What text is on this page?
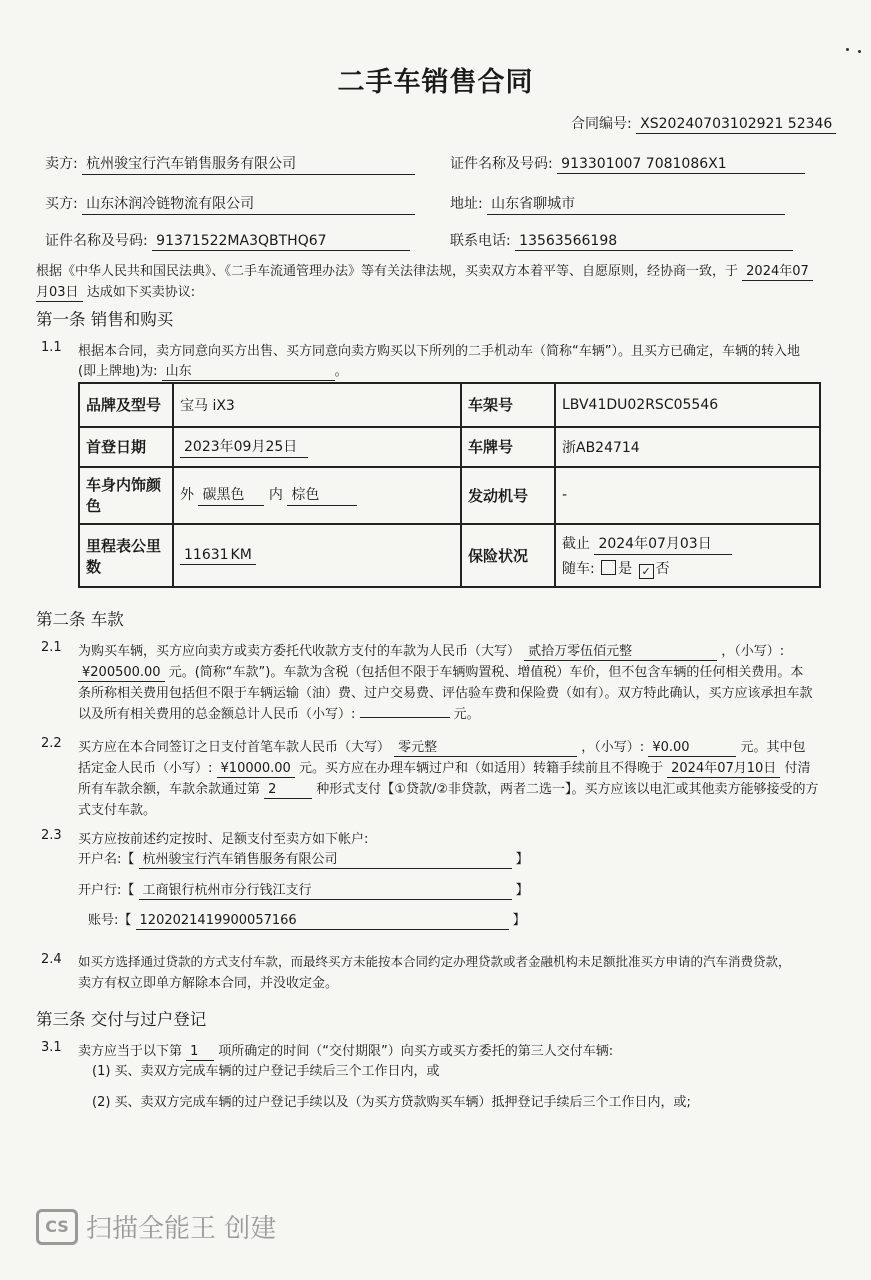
二手车销售合同
合同编号: XS20240703102921 52346
卖方: 杭州骏宝行汽车销售服务有限公司	证件名称及号码: 913301007 7081086X1
买方: 山东沐润冷链物流有限公司	地址: 山东省聊城市
证件名称及号码: 91371522MA3QBTHQ67	联系电话: 13563566198
根据《中华人民共和国民法典》、《二手车流通管理办法》等有关法律法规，买卖双方本着平等、自愿原则，经协商一致，于 2024年07
月03日 达成如下买卖协议:
第一条 销售和购买
1.1 根据本合同，卖方同意向买方出售、买方同意向卖方购买以下所列的二手机动车（简称“车辆”）。且买方已确定，车辆的转入地
(即上牌地)为: 山东	。
品牌及型号	宝马 iX3	车架号	LBV41DU02RSC05546
首登日期	2023年09月25日	车牌号	浙AB24714
车身内饰颜色	外 碳黑色 内 棕色	发动机号	-
里程表公里数	11631 KM	保险状况	截止 2024年07月03日
随车: 是 ✓ 否
第二条 车款
2.1 为购买车辆，买方应向卖方或卖方委托代收款方支付的车款为人民币（大写） 贰拾万零伍佰元整	，（小写）:
¥200500.00 元。(简称“车款”)。车款为含税（包括但不限于车辆购置税、增值税）车价，但不包含车辆的任何相关费用。本
条所称相关费用包括但不限于车辆运输（油）费、过户交易费、评估验车费和保险费（如有）。双方特此确认，买方应该承担车款
以及所有相关费用的总金额总计人民币（小写）:	元。
2.2 买方应在本合同签订之日支付首笔车款人民币（大写） 零元整	，（小写）: ¥0.00	元。其中包
括定金人民币（小写）: ¥10000.00 元。买方应在办理车辆过户和（如适用）转籍手续前且不得晚于 2024年07月10日 付清
所有车款余额，车款余款通过第 2	种形式支付【①贷款/②非贷款，两者二选一】。买方应该以电汇或其他卖方能够接受的方
式支付车款。
2.3 买方应按前述约定按时、足额支付至卖方如下帐户:
开户名:【 杭州骏宝行汽车销售服务有限公司	】
开户行:【 工商银行杭州市分行钱江支行	】
账号:【 1202021419900057166	】
2.4 如买方选择通过贷款的方式支付车款，而最终买方未能按本合同约定办理贷款或者金融机构未足额批准买方申请的汽车消费贷款，
卖方有权立即单方解除本合同，并没收定金。
第三条 交付与过户登记
3.1 卖方应当于以下第 1 项所确定的时间（“交付期限”）向买方或买方委托的第三人交付车辆:
(1) 买、卖双方完成车辆的过户登记手续后三个工作日内，或
(2) 买、卖双方完成车辆的过户登记手续以及（为买方贷款购买车辆）抵押登记手续后三个工作日内，或;
CS 扫描全能王 创建
